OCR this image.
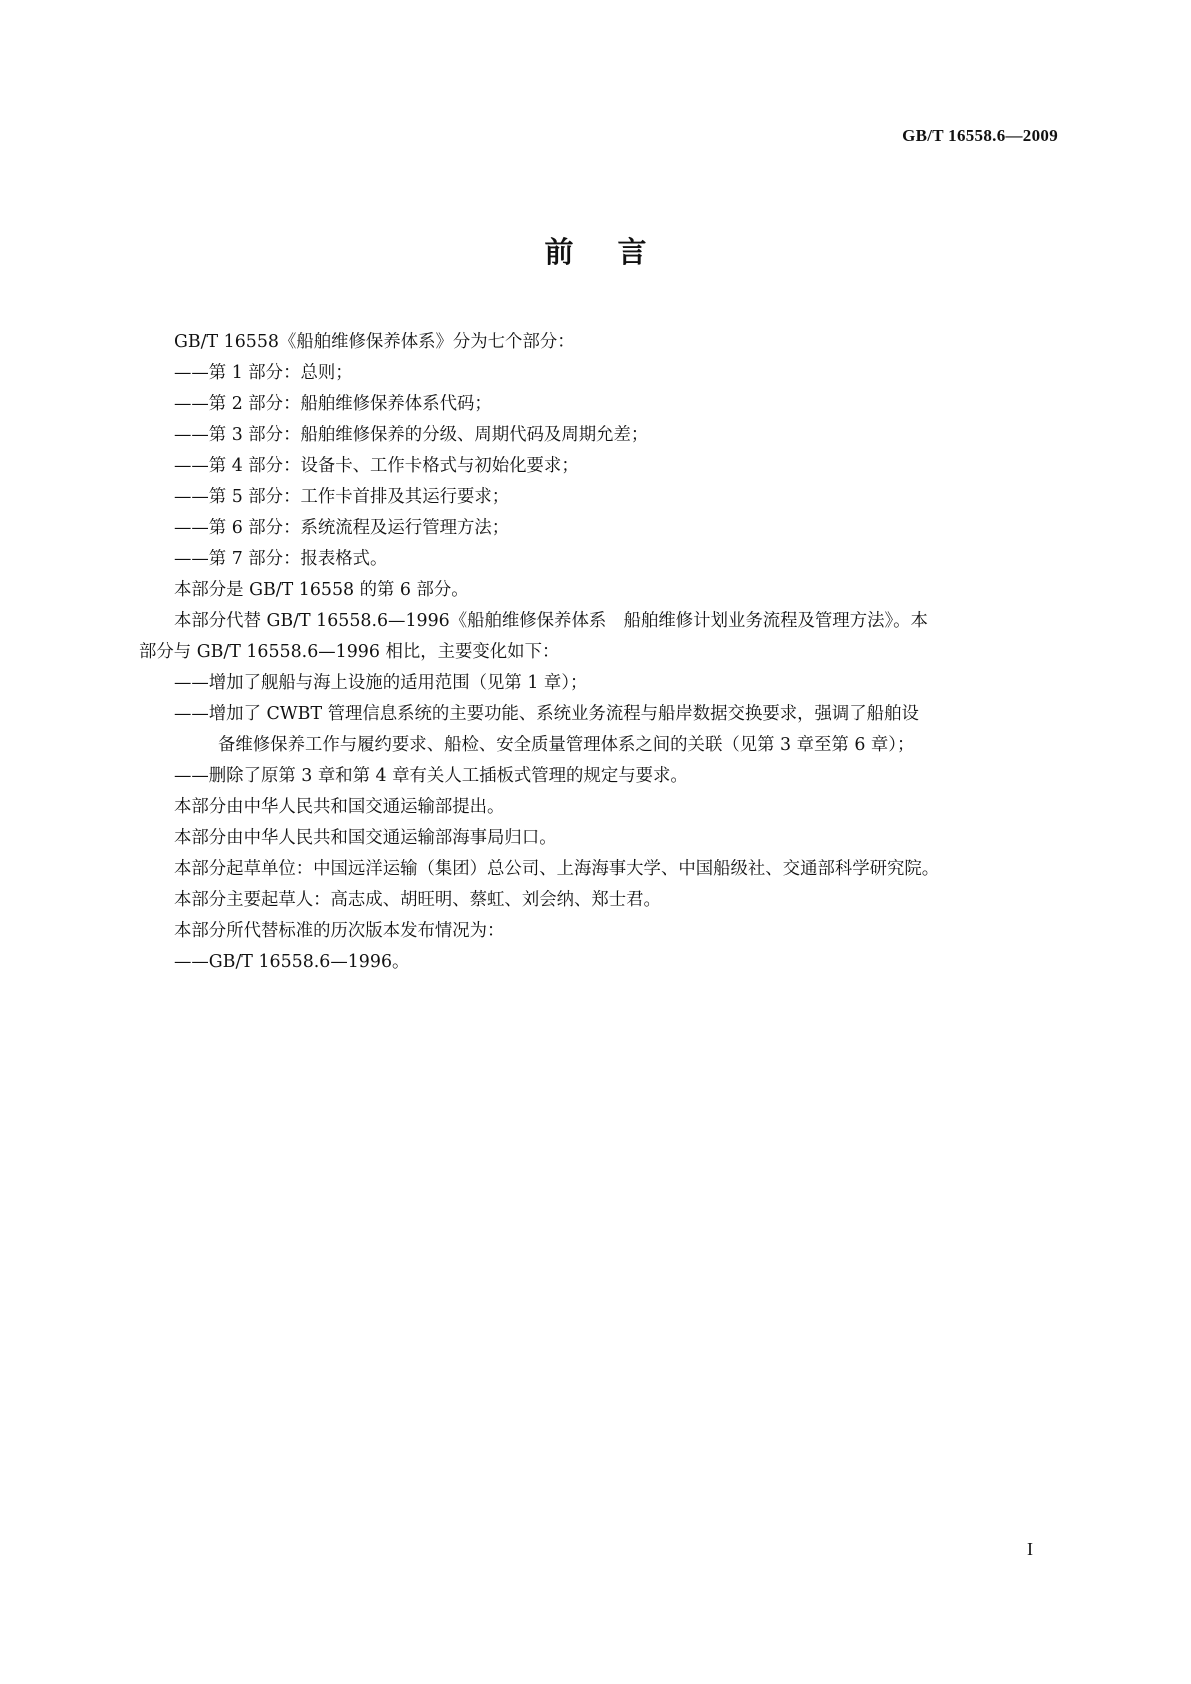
GB/T 16558.6—2009
前言

GB/T 16558《船舶维修保养体系》分为七个部分：

——第 1 部分：总则；

——第 2 部分：船舶维修保养体系代码；

——第 3 部分：船舶维修保养的分级、周期代码及周期允差；

——第 4 部分：设备卡、工作卡格式与初始化要求；

——第 5 部分：工作卡首排及其运行要求；

——第 6 部分：系统流程及运行管理方法；

——第 7 部分：报表格式。

本部分是 GB/T 16558 的第 6 部分。

本部分代替 GB/T 16558.6—1996《船舶维修保养体系　船舶维修计划业务流程及管理方法》。本

部分与 GB/T 16558.6—1996 相比，主要变化如下：

——增加了舰船与海上设施的适用范围（见第 1 章）；

——增加了 CWBT 管理信息系统的主要功能、系统业务流程与船岸数据交换要求，强调了船舶设

备维修保养工作与履约要求、船检、安全质量管理体系之间的关联（见第 3 章至第 6 章）；

——删除了原第 3 章和第 4 章有关人工插板式管理的规定与要求。

本部分由中华人民共和国交通运输部提出。

本部分由中华人民共和国交通运输部海事局归口。

本部分起草单位：中国远洋运输（集团）总公司、上海海事大学、中国船级社、交通部科学研究院。

本部分主要起草人：高志成、胡旺明、蔡虹、刘会纳、郑士君。

本部分所代替标准的历次版本发布情况为：

——GB/T 16558.6—1996。

I
